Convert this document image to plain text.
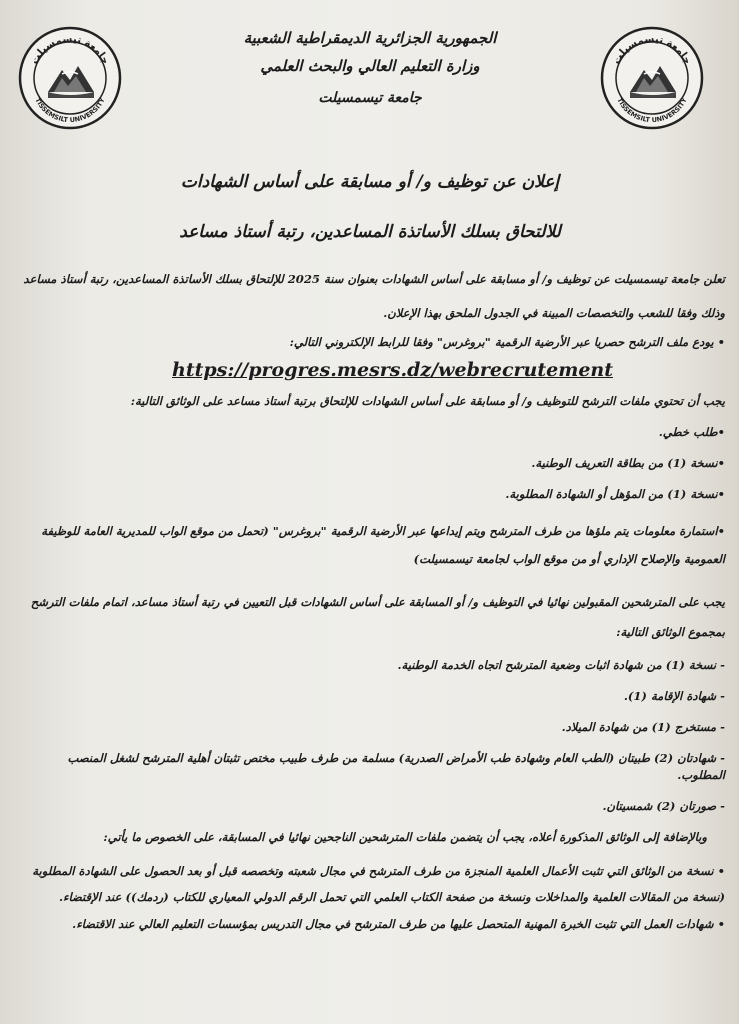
جامعة تيسمسيلت
TISSEMSILT UNIVERSITY
جامعة تيسمسيلت
TISSEMSILT UNIVERSITY
الجمهورية الجزائرية الديمقراطية الشعبية
وزارة التعليم العالي والبحث العلمي
جامعة تيسمسيلت
إعلان عن توظيف و/ أو مسابقة على أساس الشهادات
للالتحاق بسلك الأساتذة المساعدين، رتبة أستاذ مساعد

تعلن جامعة تيسمسيلت عن توظيف و/ أو مسابقة على أساس الشهادات بعنوان سنة 2025 للإلتحاق بسلك الأساتذة المساعدين، رتبة أستاذ مساعد وذلك وفقا للشعب والتخصصات المبينة في الجدول الملحق بهذا الإعلان.

• يودع ملف الترشح حصريا عبر الأرضية الرقمية "بروغرس" وفقا للرابط الإلكتروني التالي:

https://progres.mesrs.dz/webrecrutement

يجب أن تحتوي ملفات الترشح للتوظيف و/ أو مسابقة على أساس الشهادات للإلتحاق برتبة أستاذ مساعد على الوثائق التالية:

•طلب خطي.

•نسخة (1) من بطاقة التعريف الوطنية.

•نسخة (1) من المؤهل أو الشهادة المطلوبة.

•استمارة معلومات يتم ملؤها من طرف المترشح ويتم إيداعها عبر الأرضية الرقمية "بروغرس" (تحمل من موقع الواب للمديرية العامة للوظيفة العمومية والإصلاح الإداري أو من موقع الواب لجامعة تيسمسيلت)

يجب على المترشحين المقبولين نهائيا في التوظيف و/ أو المسابقة على أساس الشهادات قبل التعيين في رتبة أستاذ مساعد، اتمام ملفات الترشح بمجموع الوثائق التالية:

- نسخة (1) من شهادة اثبات وضعية المترشح اتجاه الخدمة الوطنية.

- شهادة الإقامة (1).

- مستخرج (1) من شهادة الميلاد.

- شهادتان (2) طبيتان (الطب العام وشهادة طب الأمراض الصدرية) مسلمة من طرف طبيب مختص تثبتان أهلية المترشح لشغل المنصب المطلوب.

- صورتان (2) شمسيتان.

وبالإضافة إلى الوثائق المذكورة أعلاه، يجب أن يتضمن ملفات المترشحين الناجحين نهائيا في المسابقة، على الخصوص ما يأتي:

• نسخة من الوثائق التي تثبت الأعمال العلمية المنجزة من طرف المترشح في مجال شعبته وتخصصه قبل أو بعد الحصول على الشهادة المطلوبة (نسخة من المقالات العلمية والمداخلات ونسخة من صفحة الكتاب العلمي التي تحمل الرقم الدولي المعياري للكتاب (ردمك)) عند الإقتضاء.

• شهادات العمل التي تثبت الخبرة المهنية المتحصل عليها من طرف المترشح في مجال التدريس بمؤسسات التعليم العالي عند الاقتضاء.
